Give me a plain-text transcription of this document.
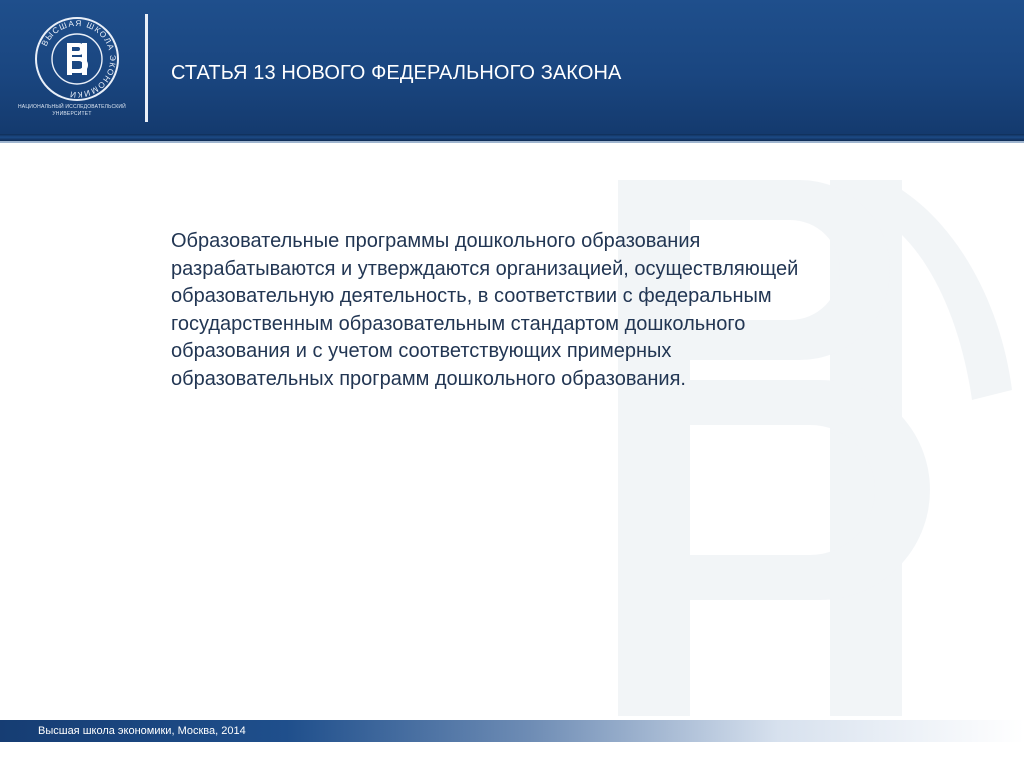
ВЫСШАЯ ШКОЛА ЭКОНОМИКИ
НАЦИОНАЛЬНЫЙ ИССЛЕДОВАТЕЛЬСКИЙ
УНИВЕРСИТЕТ
СТАТЬЯ 13 НОВОГО ФЕДЕРАЛЬНОГО ЗАКОНА
Образовательные программы дошкольного образования разрабатываются и утверждаются организацией, осуществляющей образовательную деятельность, в соответствии с федеральным государственным образовательным стандартом дошкольного образования и с учетом соответствующих примерных образовательных программ дошкольного образования.
Высшая школа экономики, Москва, 2014
